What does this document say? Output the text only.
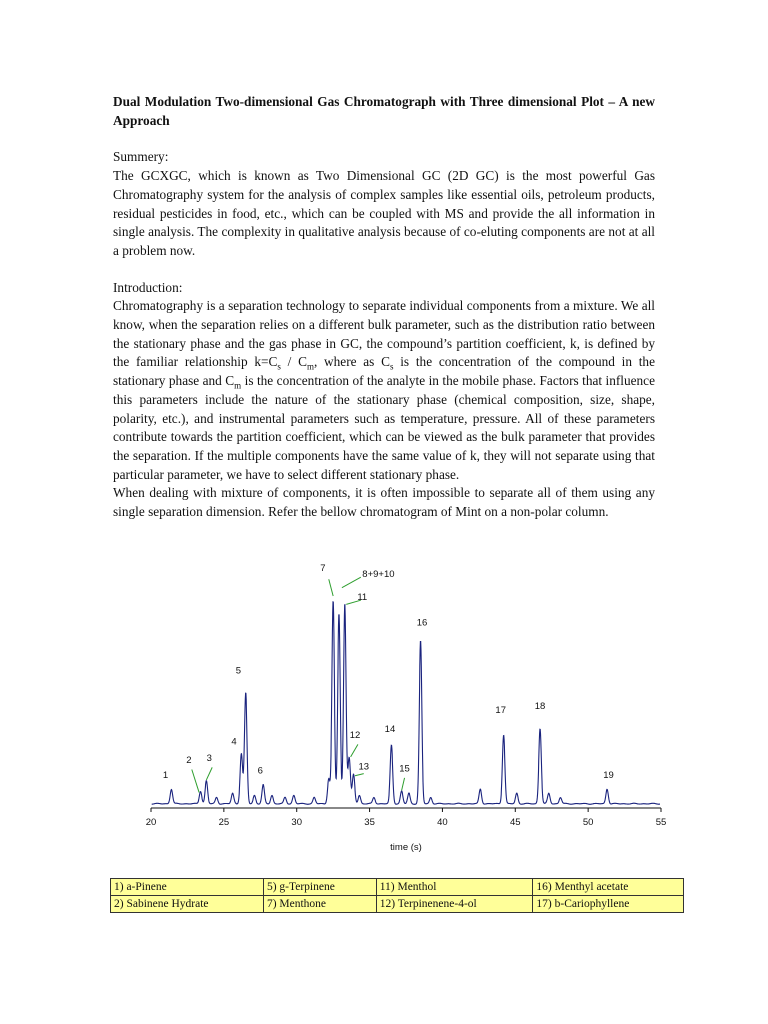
Dual Modulation Two-dimensional Gas Chromatograph with Three dimensional Plot – A new Approach

Summery:

The GCXGC, which is known as Two Dimensional GC (2D GC) is the most powerful Gas Chromatography system for the analysis of complex samples like essential oils, petroleum products, residual pesticides in food, etc., which can be coupled with MS and provide the all information in single analysis. The complexity in qualitative analysis because of co-eluting components are not at all a problem now.

Introduction:

Chromatography is a separation technology to separate individual components from a mixture. We all know, when the separation relies on a different bulk parameter, such as the distribution ratio between the stationary phase and the gas phase in GC, the compound’s partition coefficient, k, is defined by the familiar relationship $k=C_s / C_m$, where as $C_s$ is the concentration of the compound in the stationary phase and $C_m$ is the concentration of the analyte in the mobile phase. Factors that influence this parameters include the nature of the stationary phase (chemical composition, size, shape, polarity, etc.), and instrumental parameters such as temperature, pressure. All of these parameters contribute towards the partition coefficient, which can be viewed as the bulk parameter that provides the separation. If the multiple components have the same value of k, they will not separate using that particular parameter, we have to select different stationary phase.

When dealing with mixture of components, it is often impossible to separate all of them using any single separation dimension. Refer the bellow chromatogram of Mint on a non-polar column.

20	25	30	35	40	45	50	55
time (s)
1
2 3
4
5
6
7
8+9+10
11
12
13
14
15
16
17	18
19
1) a-Pinene	5) g-Terpinene	11) Menthol	16) Menthyl acetate
2) Sabinene Hydrate	7) Menthone	12) Terpinenene-4-ol	17) b-Cariophyllene
